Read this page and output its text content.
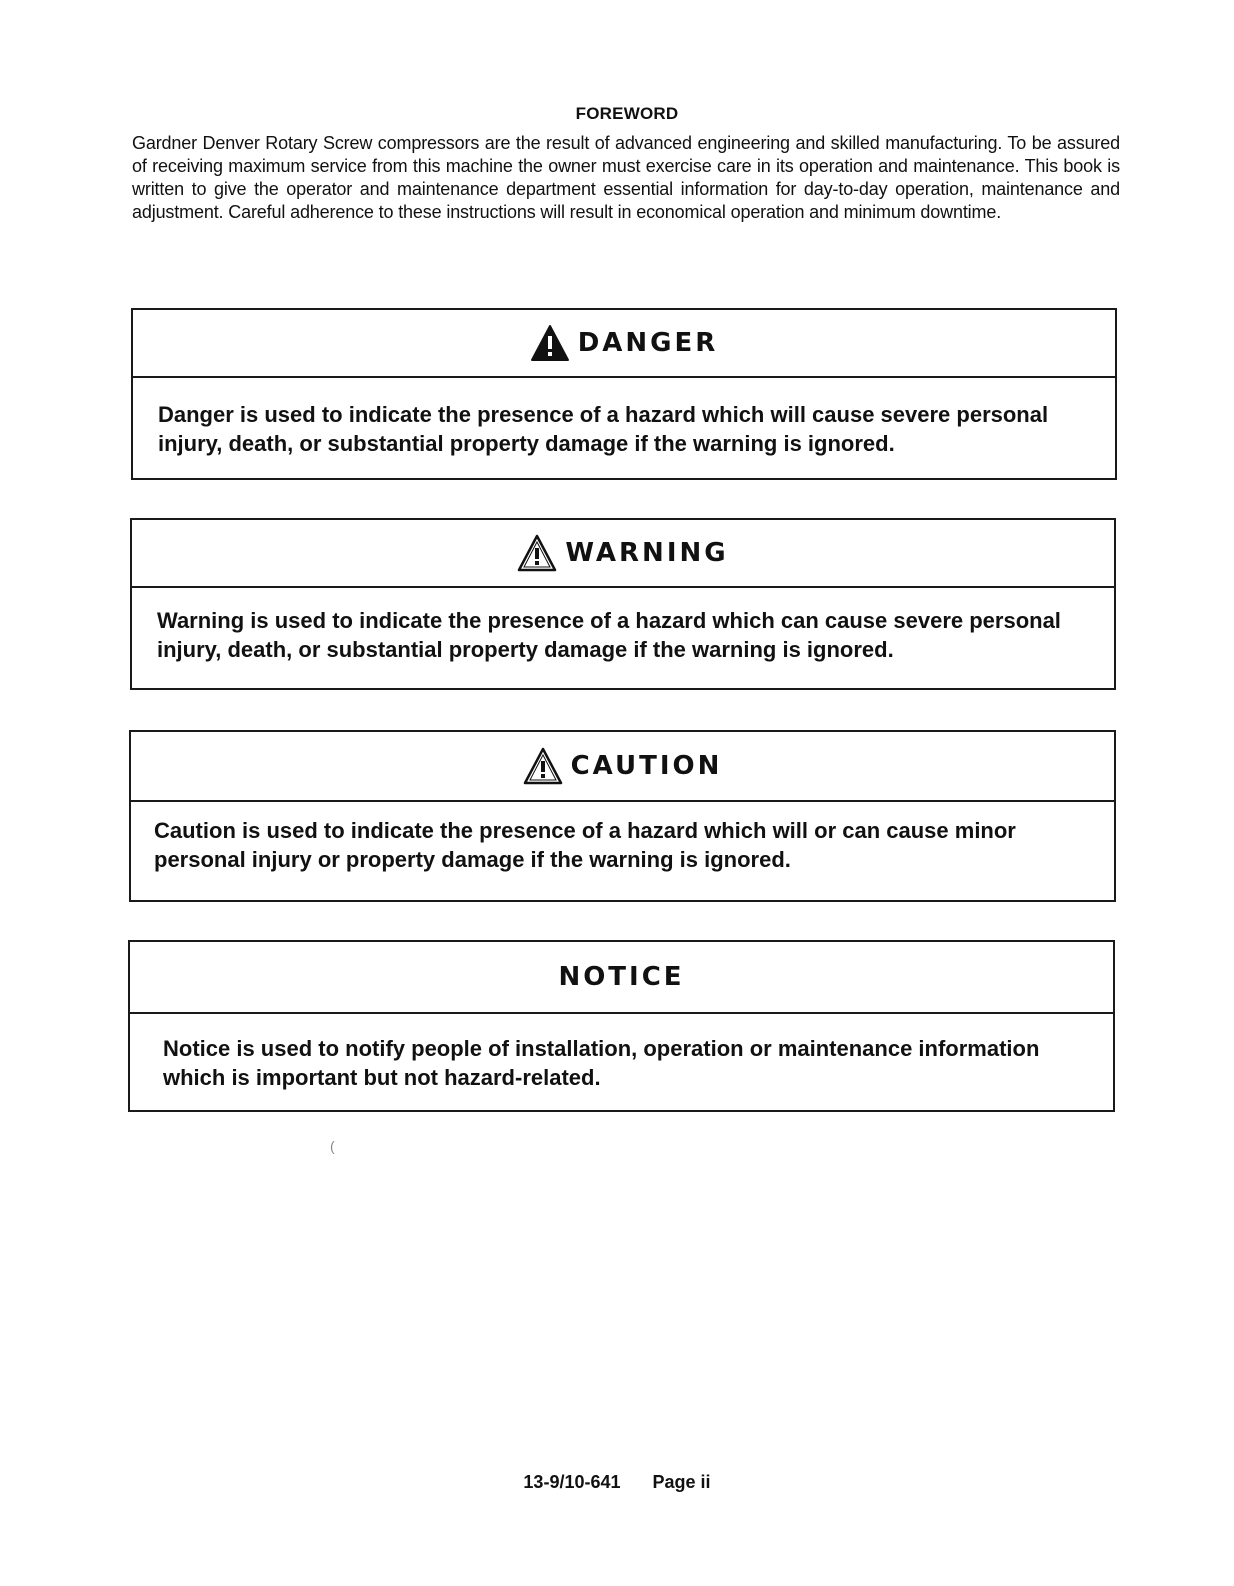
FOREWORD
Gardner Denver Rotary Screw compressors are the result of advanced engineering and skilled manufacturing. To be assured of receiving maximum service from this machine the owner must exercise care in its operation and maintenance. This book is written to give the operator and maintenance department essential information for day-to-day operation, maintenance and adjustment. Careful adherence to these instructions will result in economical operation and minimum downtime.
DANGER
Danger is used to indicate the presence of a hazard which will cause severe personal injury, death, or substantial property damage if the warning is ignored.
WARNING
Warning is used to indicate the presence of a hazard which can cause severe personal injury, death, or substantial property damage if the warning is ignored.
CAUTION
Caution is used to indicate the presence of a hazard which will or can cause minor personal injury or property damage if the warning is ignored.
NOTICE
Notice is used to notify people of installation, operation or maintenance information which is important but not hazard-related.
(
13-9/10-641 Page ii
